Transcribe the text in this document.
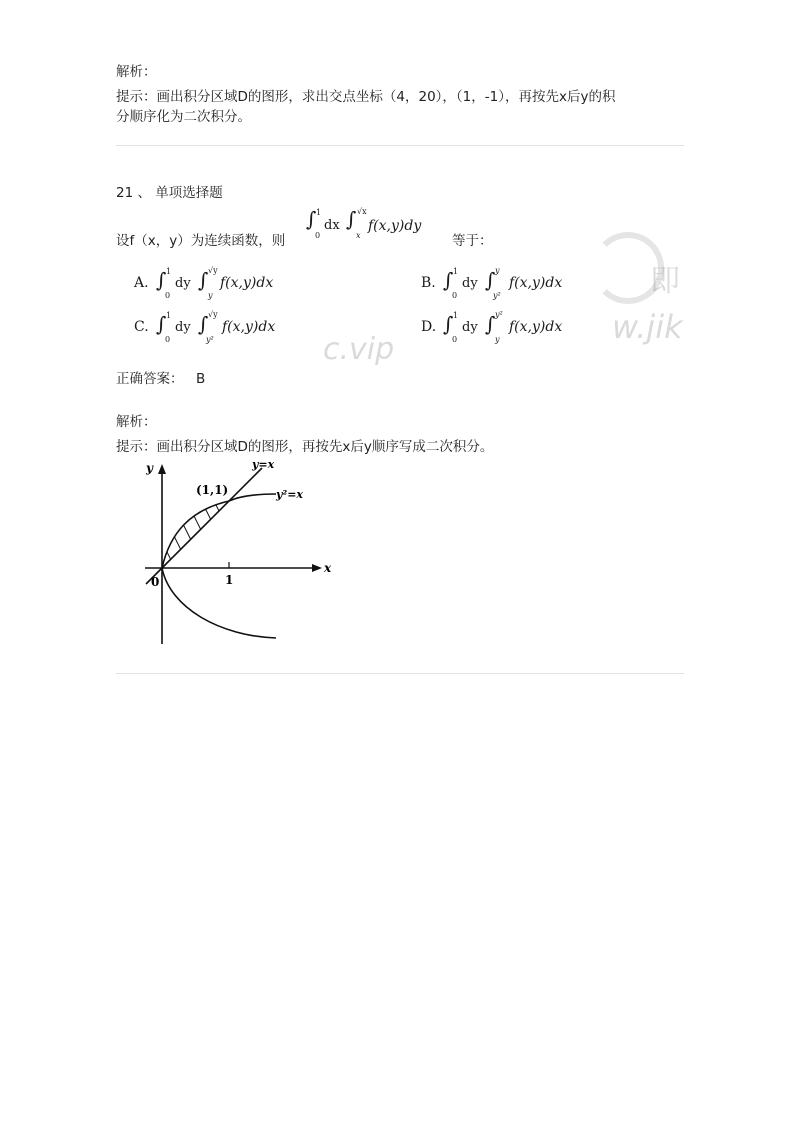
解析：
提示：画出积分区域D的图形，求出交点坐标（4，20），（1，-1），再按先x后y的积
分顺序化为二次积分。
即
c.vip
w.jik
21 、 单项选择题
设f（x，y）为连续函数，则
∫ 1
0
dx ∫ √x
x
f(x,y)dy
等于：
A. ∫ 1
0
dy ∫ √y
y
f(x,y)dx	B. ∫ 1
0
dy ∫ y
y²
f(x,y)dx
C. ∫ 1
0
dy ∫ √y
y²
f(x,y)dx	D. ∫ 1
0
dy ∫ y²
y
f(x,y)dx
正确答案： B
解析：
提示：画出积分区域D的图形，再按先x后y顺序写成二次积分。
y
x
0	1
(1,1)
y=x
y²=x
